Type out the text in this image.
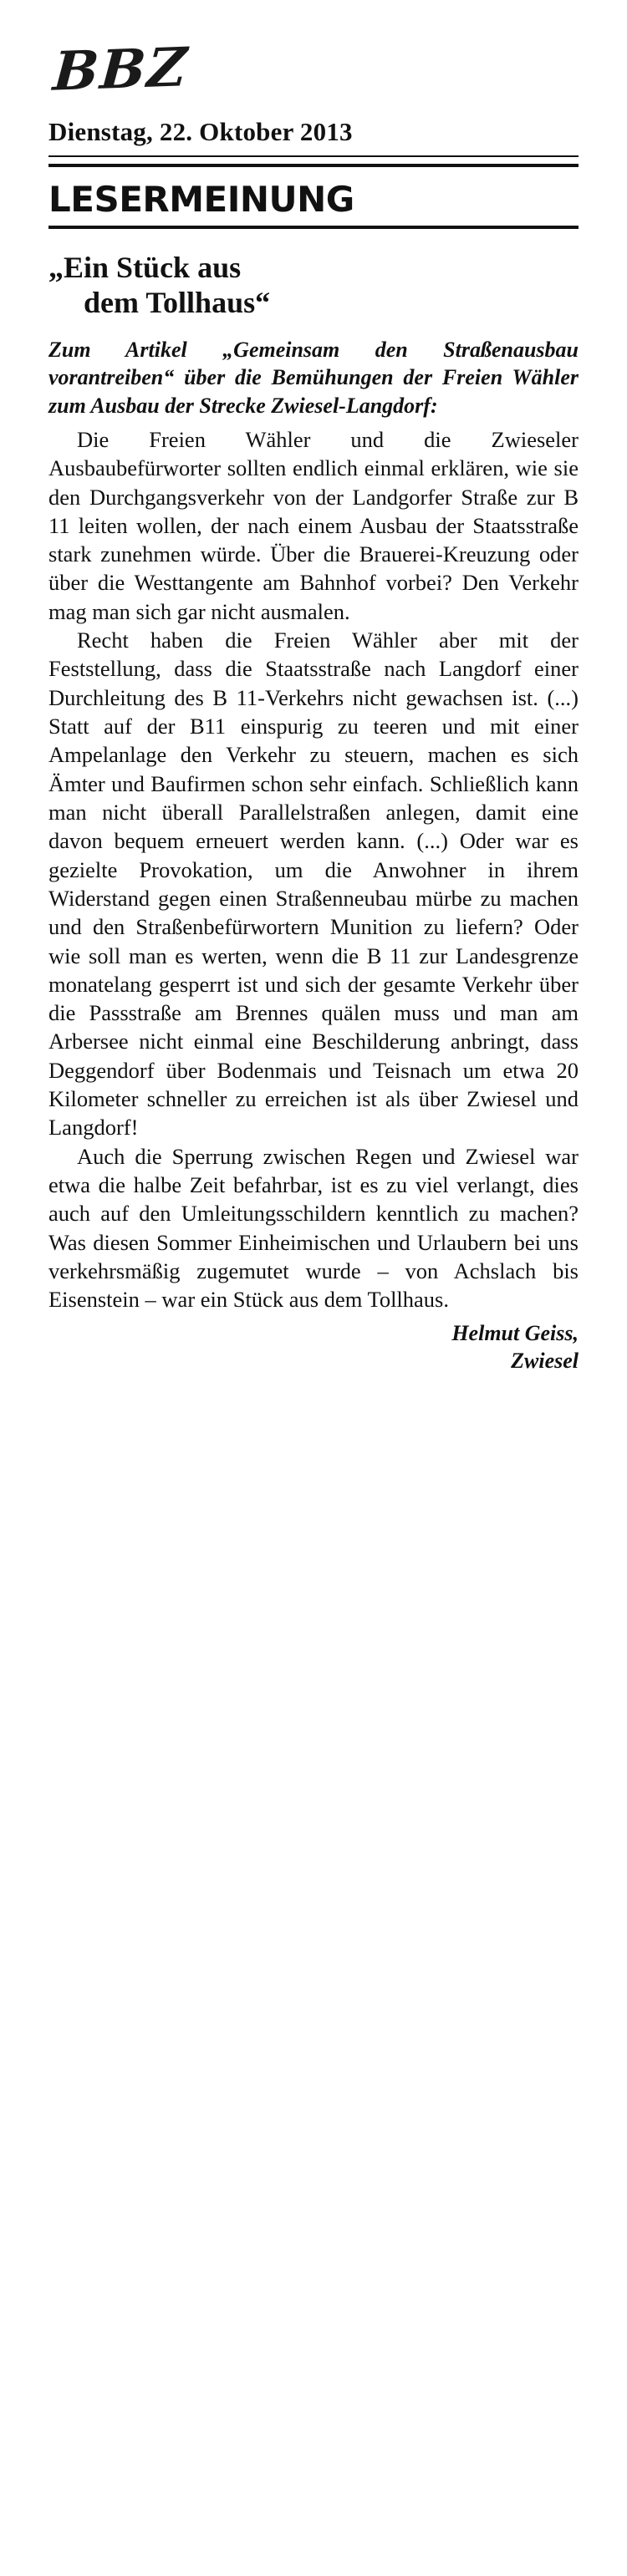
BBZ
Dienstag, 22. Oktober 2013
LESERMEINUNG
„Ein Stück aus
dem Tollhaus“

Zum Artikel „Gemeinsam den Straßenausbau vorantreiben“ über die Bemühungen der Freien Wähler zum Ausbau der Strecke Zwiesel-Langdorf:

Die Freien Wähler und die Zwieseler Ausbaubefürworter sollten endlich einmal erklären, wie sie den Durchgangsverkehr von der Landgorfer Straße zur B 11 leiten wollen, der nach einem Ausbau der Staatsstraße stark zunehmen würde. Über die Brauerei-Kreuzung oder über die Westtangente am Bahnhof vorbei? Den Verkehr mag man sich gar nicht ausmalen.

Recht haben die Freien Wähler aber mit der Feststellung, dass die Staatsstraße nach Langdorf einer Durchleitung des B 11-Verkehrs nicht gewachsen ist. (...) Statt auf der B11 einspurig zu teeren und mit einer Ampelanlage den Verkehr zu steuern, machen es sich Ämter und Baufirmen schon sehr einfach. Schließlich kann man nicht überall Parallelstraßen anlegen, damit eine davon bequem erneuert werden kann. (...) Oder war es gezielte Provokation, um die Anwohner in ihrem Widerstand gegen einen Straßenneubau mürbe zu machen und den Straßenbefürwortern Munition zu liefern? Oder wie soll man es werten, wenn die B 11 zur Landesgrenze monatelang gesperrt ist und sich der gesamte Verkehr über die Passstraße am Brennes quälen muss und man am Arbersee nicht einmal eine Beschilderung anbringt, dass Deggendorf über Bodenmais und Teisnach um etwa 20 Kilometer schneller zu erreichen ist als über Zwiesel und Langdorf!

Auch die Sperrung zwischen Regen und Zwiesel war etwa die halbe Zeit befahrbar, ist es zu viel verlangt, dies auch auf den Umleitungsschildern kenntlich zu machen? Was diesen Sommer Einheimischen und Urlaubern bei uns verkehrsmäßig zugemutet wurde – von Achslach bis Eisenstein – war ein Stück aus dem Tollhaus.

Helmut Geiss,
Zwiesel
